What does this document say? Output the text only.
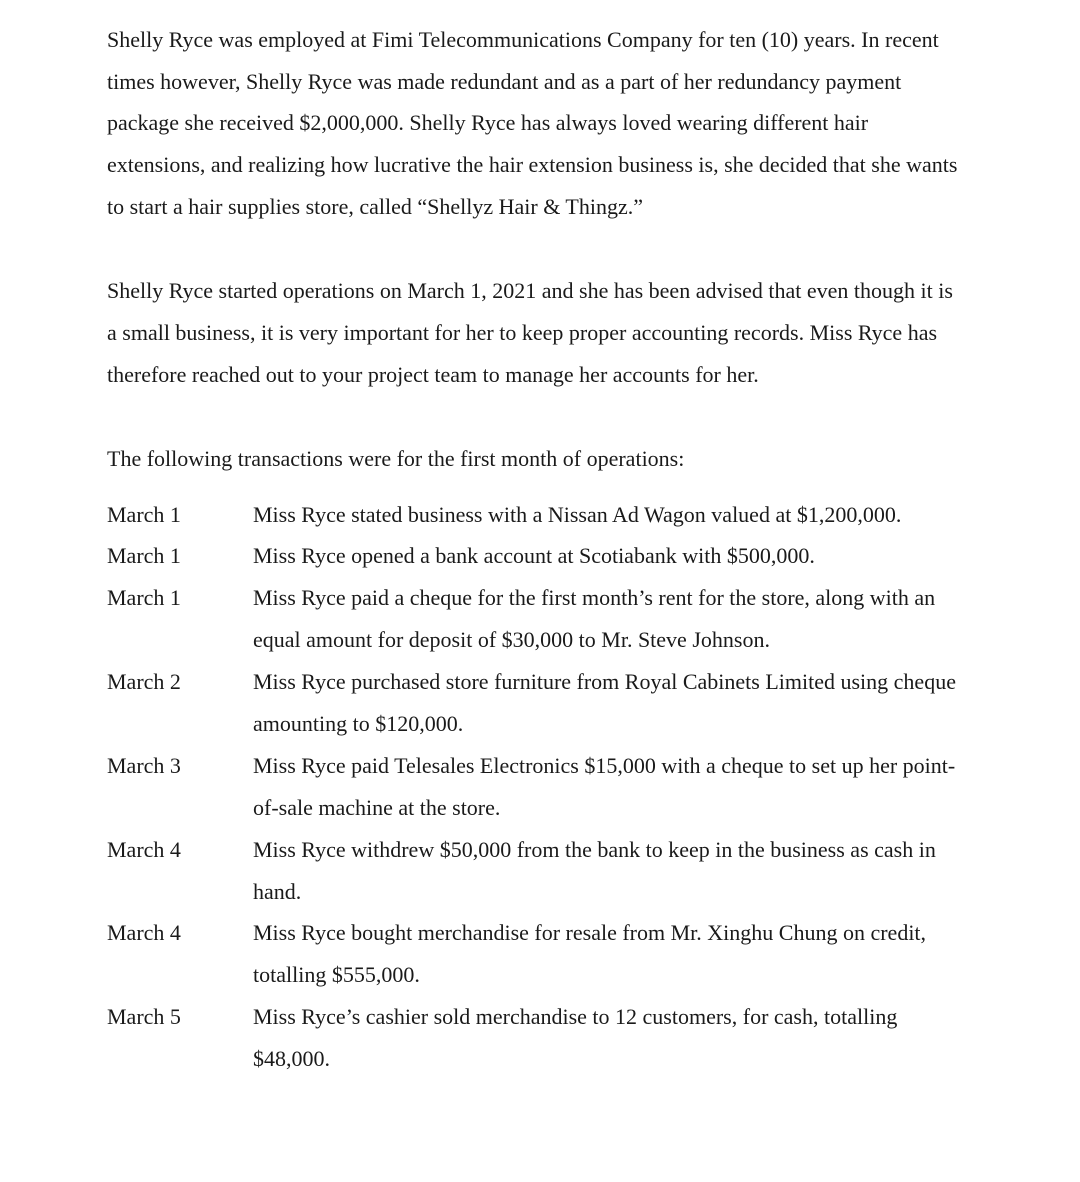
Shelly Ryce was employed at Fimi Telecommunications Company for ten (10) years. In recent
times however, Shelly Ryce was made redundant and as a part of her redundancy payment
package she received $2,000,000. Shelly Ryce has always loved wearing different hair
extensions, and realizing how lucrative the hair extension business is, she decided that she wants
to start a hair supplies store, called “Shellyz Hair & Thingz.”
Shelly Ryce started operations on March 1, 2021 and she has been advised that even though it is
a small business, it is very important for her to keep proper accounting records. Miss Ryce has
therefore reached out to your project team to manage her accounts for her.
The following transactions were for the first month of operations:
March 1	Miss Ryce stated business with a Nissan Ad Wagon valued at $1,200,000.
March 1	Miss Ryce opened a bank account at Scotiabank with $500,000.
March 1	Miss Ryce paid a cheque for the first month’s rent for the store, along with an
equal amount for deposit of $30,000 to Mr. Steve Johnson.
March 2	Miss Ryce purchased store furniture from Royal Cabinets Limited using cheque
amounting to $120,000.
March 3	Miss Ryce paid Telesales Electronics $15,000 with a cheque to set up her point-
of-sale machine at the store.
March 4	Miss Ryce withdrew $50,000 from the bank to keep in the business as cash in
hand.
March 4	Miss Ryce bought merchandise for resale from Mr. Xinghu Chung on credit,
totalling $555,000.
March 5	Miss Ryce’s cashier sold merchandise to 12 customers, for cash, totalling
$48,000.
